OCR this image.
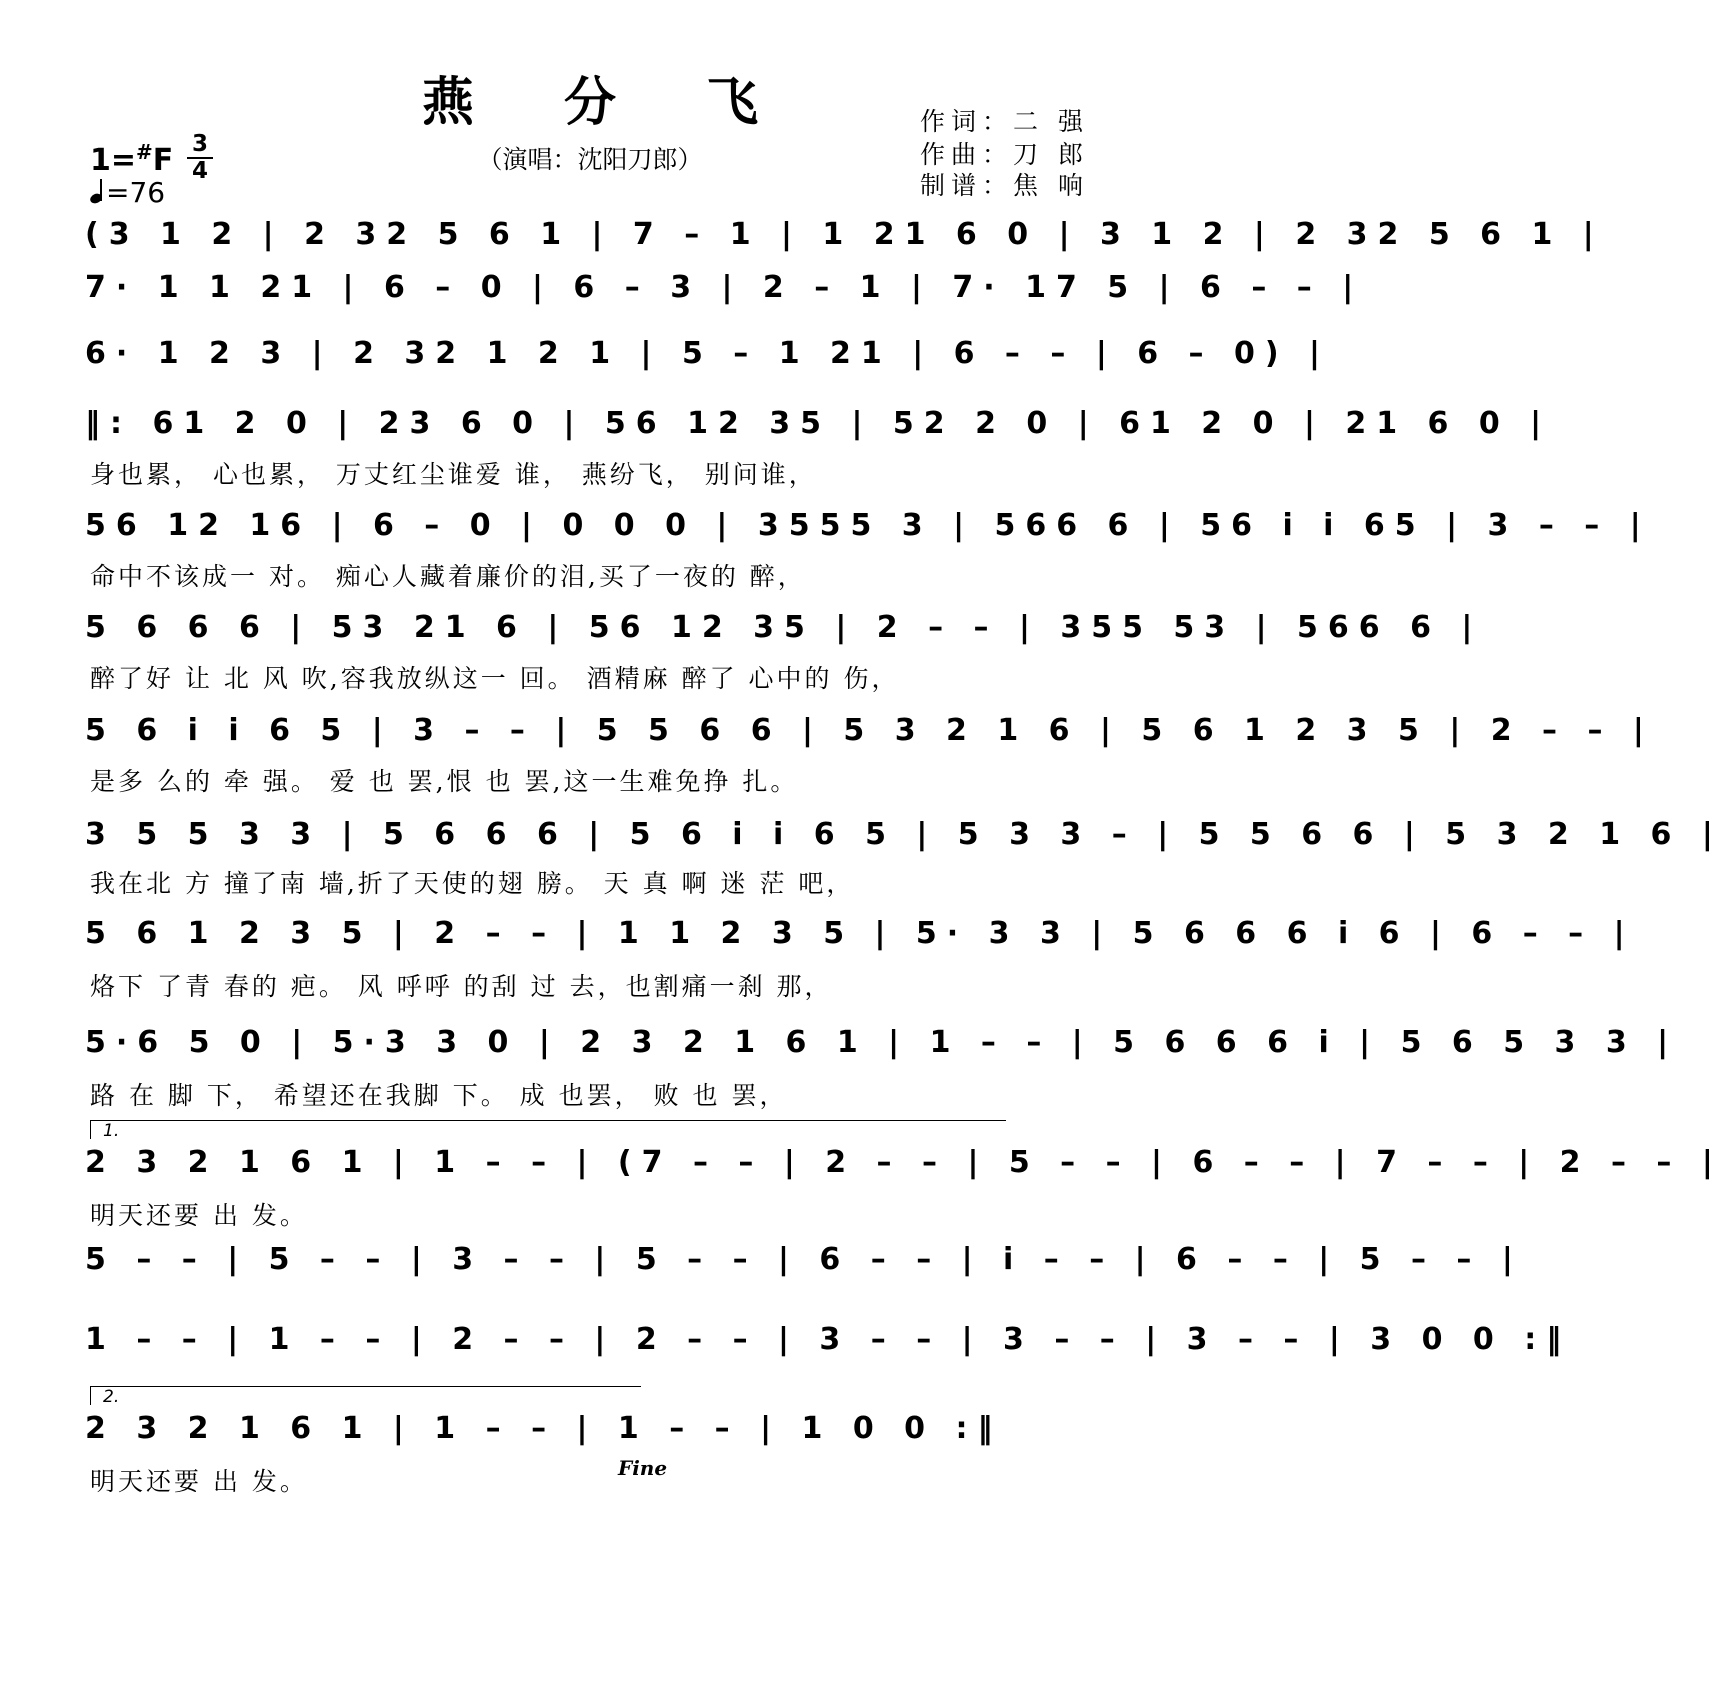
燕 分 飞
（演唱：沈阳刀郎）
作词：二 强
作曲：刀 郎
制谱：焦 响
1=#F 3
4
=76
(3 1 2 | 2 32 5 6 1 | 7 – 1 | 1 21 6 0 | 3 1 2 | 2 32 5 6 1 |
7· 1 1 21 | 6 – 0 | 6 – 3 | 2 – 1 | 7· 17 5 | 6 – – |
6· 1 2 3 | 2 32 1 2 1 | 5 – 1 21 | 6 – – | 6 – 0) |
‖: 61 2 0 | 23 6 0 | 56 12 35 | 52 2 0 | 61 2 0 | 21 6 0 |
身也累， 心也累， 万丈红尘谁爱 谁， 燕纷飞， 别问谁，
56 12 16 | 6 – 0 | 0 0 0 | 3555 3 | 566 6 | 56 i i 65 | 3 – – |
命中不该成一 对。 痴心人藏着廉价的泪,买了一夜的 醉，
5 6 6 6 | 53 21 6 | 56 12 35 | 2 – – | 355 53 | 566 6 |
醉了好 让 北 风 吹,容我放纵这一 回。 酒精麻 醉了 心中的 伤，
5 6 i i 6 5 | 3 – – | 5 5 6 6 | 5 3 2 1 6 | 5 6 1 2 3 5 | 2 – – |
是多 么的 牵 强。 爱 也 罢,恨 也 罢,这一生难免挣 扎。
3 5 5 3 3 | 5 6 6 6 | 5 6 i i 6 5 | 5 3 3 – | 5 5 6 6 | 5 3 2 1 6 |
我在北 方 撞了南 墙,折了天使的翅 膀。 天 真 啊 迷 茫 吧，
5 6 1 2 3 5 | 2 – – | 1 1 2 3 5 | 5· 3 3 | 5 6 6 6 i 6 | 6 – – |
烙下 了青 春的 疤。 风 呼呼 的刮 过 去，也割痛一刹 那，
5·6 5 0 | 5·3 3 0 | 2 3 2 1 6 1 | 1 – – | 5 6 6 6 i | 5 6 5 3 3 |
路 在 脚 下， 希望还在我脚 下。 成 也罢， 败 也 罢，
1.
2 3 2 1 6 1 | 1 – – | (7 – – | 2 – – | 5 – – | 6 – – | 7 – – | 2 – – |
明天还要 出 发。
5 – – | 5 – – | 3 – – | 5 – – | 6 – – | i – – | 6 – – | 5 – – |
1 – – | 1 – – | 2 – – | 2 – – | 3 – – | 3 – – | 3 – – | 3 0 0 :‖
2.
2 3 2 1 6 1 | 1 – – | 1 – – | 1 0 0 :‖
明天还要 出 发。	Fine
